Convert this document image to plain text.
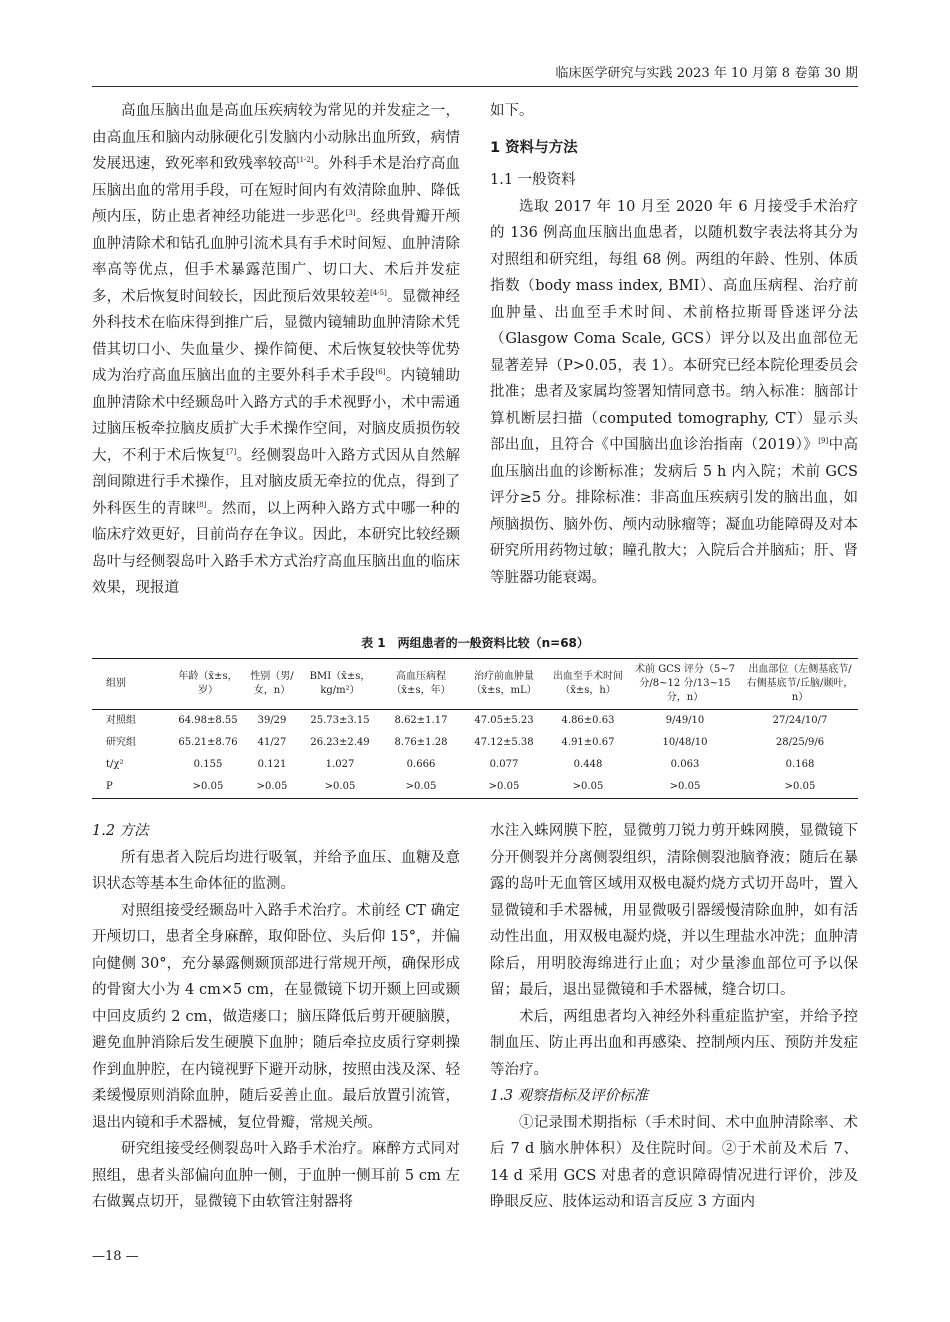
临床医学研究与实践 2023 年 10 月第 8 卷第 30 期

高血压脑出血是高血压疾病较为常见的并发症之一，由高血压和脑内动脉硬化引发脑内小动脉出血所致，病情发展迅速，致死率和致残率较高[1-2]。外科手术是治疗高血压脑出血的常用手段，可在短时间内有效清除血肿、降低颅内压，防止患者神经功能进一步恶化[3]。经典骨瓣开颅血肿清除术和钻孔血肿引流术具有手术时间短、血肿清除率高等优点，但手术暴露范围广、切口大、术后并发症多，术后恢复时间较长，因此预后效果较差[4-5]。显微神经外科技术在临床得到推广后，显微内镜辅助血肿清除术凭借其切口小、失血量少、操作简便、术后恢复较快等优势成为治疗高血压脑出血的主要外科手术手段[6]。内镜辅助血肿清除术中经颞岛叶入路方式的手术视野小，术中需通过脑压板牵拉脑皮质扩大手术操作空间，对脑皮质损伤较大，不利于术后恢复[7]。经侧裂岛叶入路方式因从自然解剖间隙进行手术操作，且对脑皮质无牵拉的优点，得到了外科医生的青睐[8]。然而，以上两种入路方式中哪一种的临床疗效更好，目前尚存在争议。因此，本研究比较经颞岛叶与经侧裂岛叶入路手术方式治疗高血压脑出血的临床效果，现报道

如下。

1 资料与方法

1.1 一般资料

选取 2017 年 10 月至 2020 年 6 月接受手术治疗的 136 例高血压脑出血患者，以随机数字表法将其分为对照组和研究组，每组 68 例。两组的年龄、性别、体质指数（body mass index, BMI）、高血压病程、治疗前血肿量、出血至手术时间、术前格拉斯哥昏迷评分法（Glasgow Coma Scale, GCS）评分以及出血部位无显著差异（P>0.05，表 1）。本研究已经本院伦理委员会批准；患者及家属均签署知情同意书。纳入标准：脑部计算机断层扫描（computed tomography, CT）显示头部出血，且符合《中国脑出血诊治指南（2019）》[9]中高血压脑出血的诊断标准；发病后 5 h 内入院；术前 GCS 评分≥5 分。排除标准：非高血压疾病引发的脑出血，如颅脑损伤、脑外伤、颅内动脉瘤等；凝血功能障碍及对本研究所用药物过敏；瞳孔散大；入院后合并脑疝；肝、肾等脏器功能衰竭。

表 1　两组患者的一般资料比较（n=68）
组别	年龄（x̄±s，岁）	性别（男/女，n）	BMI（x̄±s，kg/m²）	高血压病程（x̄±s，年）	治疗前血肿量（x̄±s，mL）	出血至手术时间（x̄±s，h）	术前 GCS 评分（5~7 分/8~12 分/13~15 分，n）	出血部位（左侧基底节/右侧基底节/丘脑/颞叶，n）
对照组	64.98±8.55	39/29	25.73±3.15	8.62±1.17	47.05±5.23	4.86±0.63	9/49/10	27/24/10/7
研究组	65.21±8.76	41/27	26.23±2.49	8.76±1.28	47.12±5.38	4.91±0.67	10/48/10	28/25/9/6
t/χ²	0.155	0.121	1.027	0.666	0.077	0.448	0.063	0.168
P	>0.05	>0.05	>0.05	>0.05	>0.05	>0.05	>0.05	>0.05

1.2 方法

所有患者入院后均进行吸氧，并给予血压、血糖及意识状态等基本生命体征的监测。

对照组接受经颞岛叶入路手术治疗。术前经 CT 确定开颅切口，患者全身麻醉，取仰卧位、头后仰 15°，并偏向健侧 30°，充分暴露侧颞顶部进行常规开颅，确保形成的骨窗大小为 4 cm×5 cm，在显微镜下切开颞上回或颞中回皮质约 2 cm，做造瘘口；脑压降低后剪开硬脑膜，避免血肿消除后发生硬膜下血肿；随后牵拉皮质行穿刺操作到血肿腔，在内镜视野下避开动脉，按照由浅及深、轻柔缓慢原则消除血肿，随后妥善止血。最后放置引流管，退出内镜和手术器械，复位骨瓣，常规关颅。

研究组接受经侧裂岛叶入路手术治疗。麻醉方式同对照组，患者头部偏向血肿一侧，于血肿一侧耳前 5 cm 左右做翼点切开，显微镜下由软管注射器将

水注入蛛网膜下腔，显微剪刀锐力剪开蛛网膜，显微镜下分开侧裂并分离侧裂组织，清除侧裂池脑脊液；随后在暴露的岛叶无血管区域用双极电凝灼烧方式切开岛叶，置入显微镜和手术器械，用显微吸引器缓慢清除血肿，如有活动性出血，用双极电凝灼烧，并以生理盐水冲洗；血肿清除后，用明胶海绵进行止血；对少量渗血部位可予以保留；最后，退出显微镜和手术器械，缝合切口。

术后，两组患者均入神经外科重症监护室，并给予控制血压、防止再出血和再感染、控制颅内压、预防并发症等治疗。

1.3 观察指标及评价标准

①记录围术期指标（手术时间、术中血肿清除率、术后 7 d 脑水肿体积）及住院时间。②于术前及术后 7、14 d 采用 GCS 对患者的意识障碍情况进行评价，涉及睁眼反应、肢体运动和语言反应 3 方面内

—18 —
